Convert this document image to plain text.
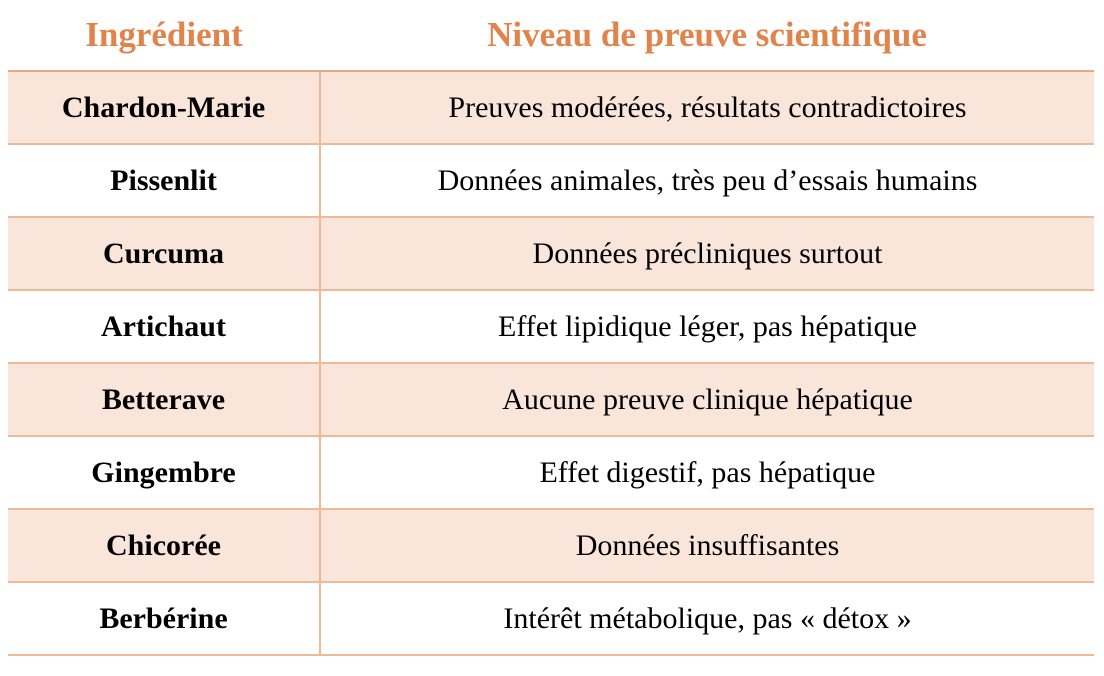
Ingrédient	Niveau de preuve scientifique
Chardon-Marie	Preuves modérées, résultats contradictoires
Pissenlit	Données animales, très peu d’essais humains
Curcuma	Données précliniques surtout
Artichaut	Effet lipidique léger, pas hépatique
Betterave	Aucune preuve clinique hépatique
Gingembre	Effet digestif, pas hépatique
Chicorée	Données insuffisantes
Berbérine	Intérêt métabolique, pas « détox »
